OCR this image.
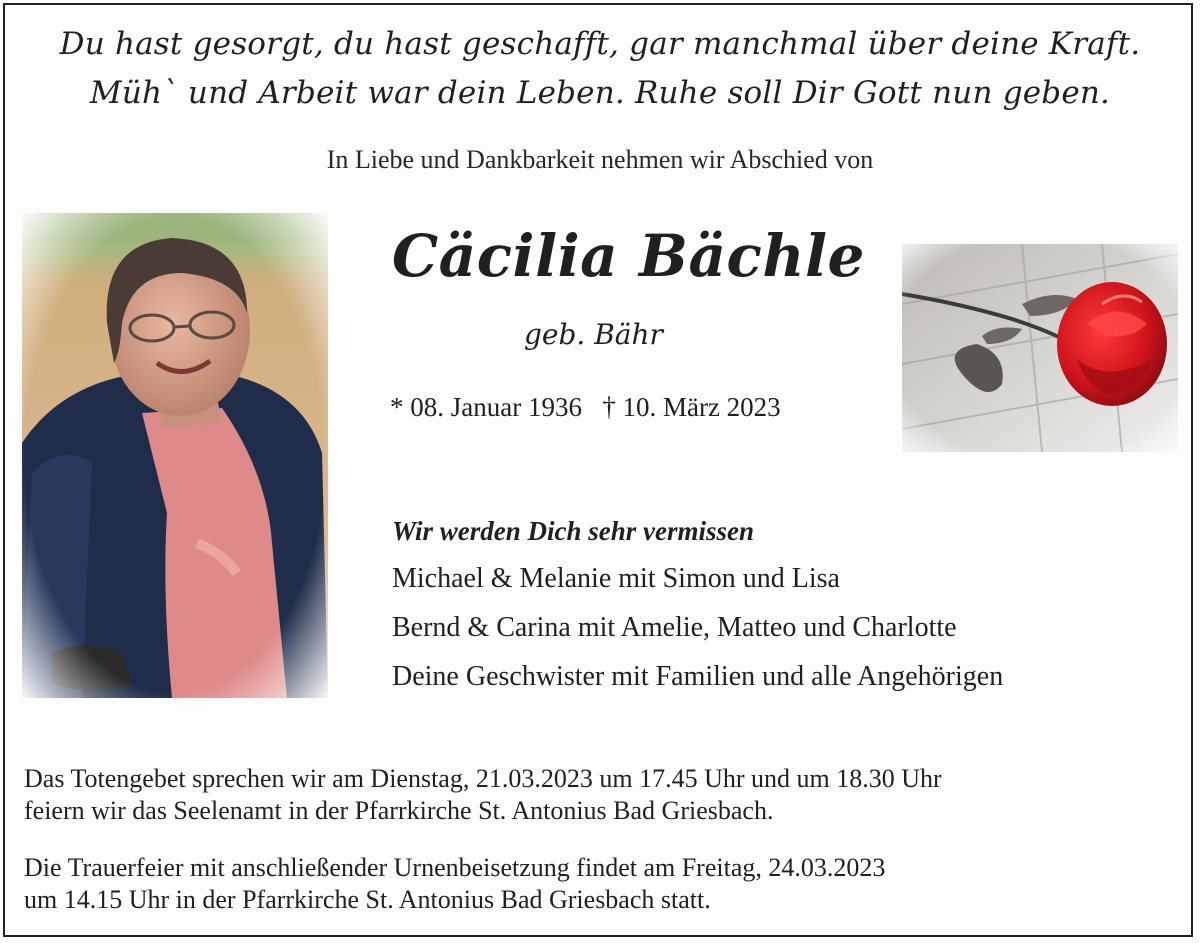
Du hast gesorgt, du hast geschafft, gar manchmal über deine Kraft.
Müh` und Arbeit war dein Leben. Ruhe soll Dir Gott nun geben.
In Liebe und Dankbarkeit nehmen wir Abschied von
Cäcilia Bächle
geb. Bähr
* 08. Januar 1936 † 10. März 2023
Wir werden Dich sehr vermissen
Michael & Melanie mit Simon und Lisa
Bernd & Carina mit Amelie, Matteo und Charlotte
Deine Geschwister mit Familien und alle Angehörigen
Das Totengebet sprechen wir am Dienstag, 21.03.2023 um 17.45 Uhr und um 18.30 Uhr
feiern wir das Seelenamt in der Pfarrkirche St. Antonius Bad Griesbach.
Die Trauerfeier mit anschließender Urnenbeisetzung findet am Freitag, 24.03.2023
um 14.15 Uhr in der Pfarrkirche St. Antonius Bad Griesbach statt.
